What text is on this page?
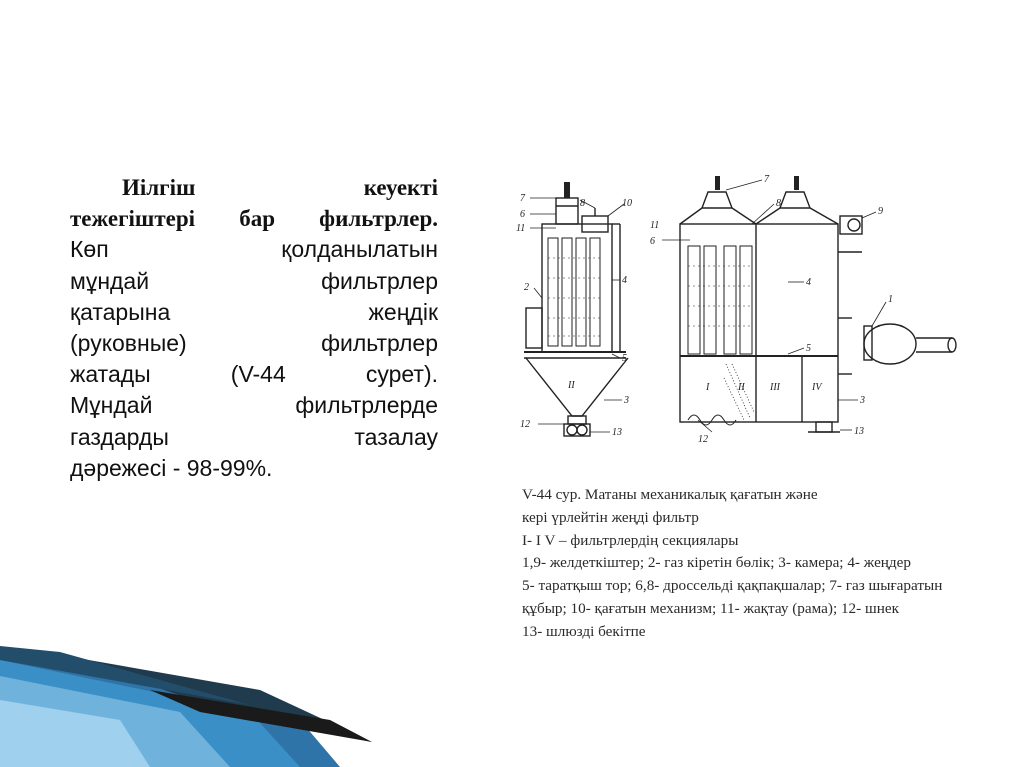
Иілгіш кеуекті
тежегіштері бар фильтрлер.
Көп қолданылатын
мұндай фильтрлер
қатарына жеңдік
(руковные) фильтрлер
жатады (V-44 сурет).
Мұндай фильтрлерде
газдарды тазалау
дәрежесі - 98-99%.
7
6
11
2
8	10
4
5
3
12
13
II
6
7
8
9
1
4
5
3
12
13
11
I	II	III	IV
V-44 сур. Матаны механикалық қағатын және
кері үрлейтін жеңді фильтр
I- I V – фильтрлердің секциялары
1,9- желдеткіштер; 2- газ кіретін бөлік; 3- камера; 4- жеңдер
5- таратқыш тор; 6,8- дроссельді қақпақшалар; 7- газ шығаратын
құбыр; 10- қағатын механизм; 11- жақтау (рама); 12- шнек
13- шлюзді бекітпе
